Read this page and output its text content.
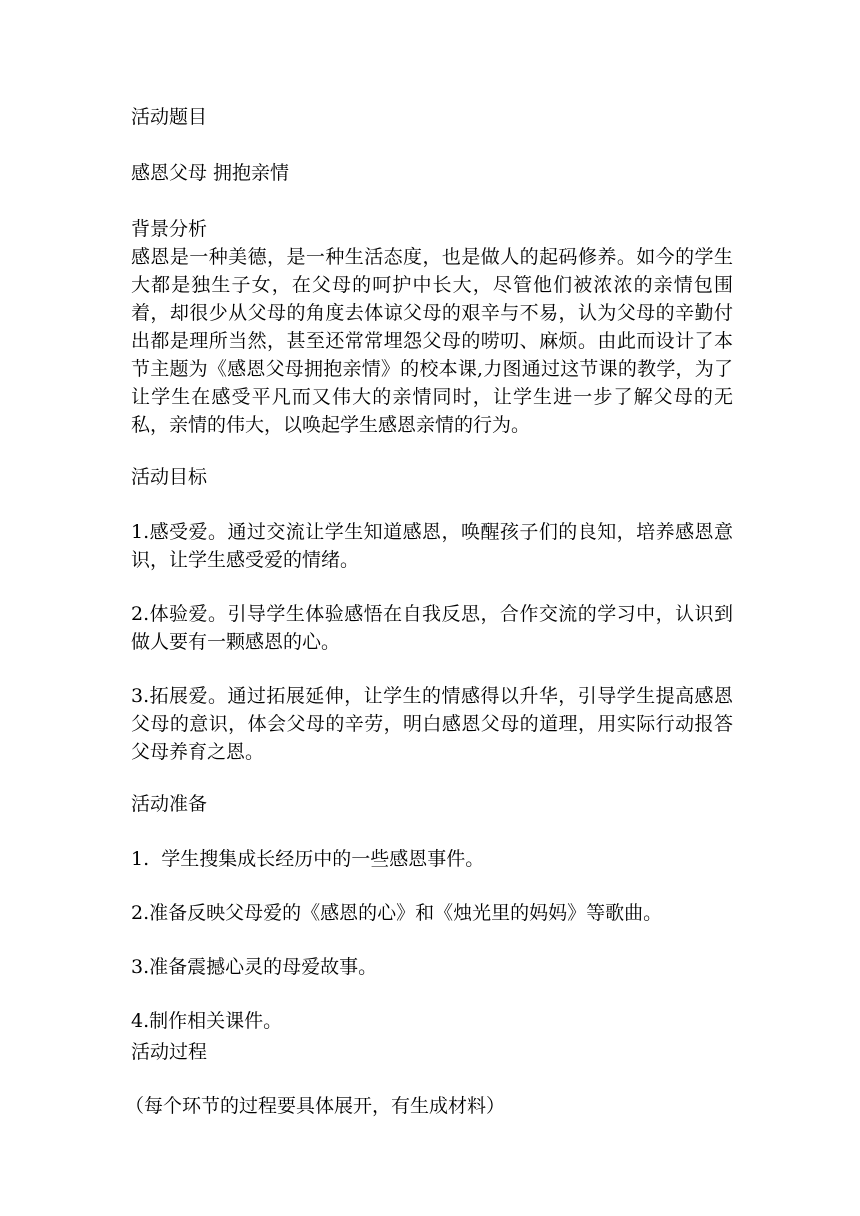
活动题目

感恩父母 拥抱亲情

背景分析

感恩是一种美德，是一种生活态度，也是做人的起码修养。如今的学生大都是独生子女，在父母的呵护中长大，尽管他们被浓浓的亲情包围着，却很少从父母的角度去体谅父母的艰辛与不易，认为父母的辛勤付出都是理所当然，甚至还常常埋怨父母的唠叨、麻烦。由此而设计了本节主题为《感恩父母拥抱亲情》的校本课,力图通过这节课的教学，为了让学生在感受平凡而又伟大的亲情同时，让学生进一步了解父母的无私，亲情的伟大，以唤起学生感恩亲情的行为。

活动目标

1.感受爱。通过交流让学生知道感恩，唤醒孩子们的良知，培养感恩意识，让学生感受爱的情绪。

2.体验爱。引导学生体验感悟在自我反思，合作交流的学习中，认识到做人要有一颗感恩的心。

3.拓展爱。通过拓展延伸，让学生的情感得以升华，引导学生提高感恩父母的意识，体会父母的辛劳，明白感恩父母的道理，用实际行动报答父母养育之恩。

活动准备

1.  学生搜集成长经历中的一些感恩事件。

2.准备反映父母爱的《感恩的心》和《烛光里的妈妈》等歌曲。

3.准备震撼心灵的母爱故事。

4.制作相关课件。

活动过程

（每个环节的过程要具体展开，有生成材料）
